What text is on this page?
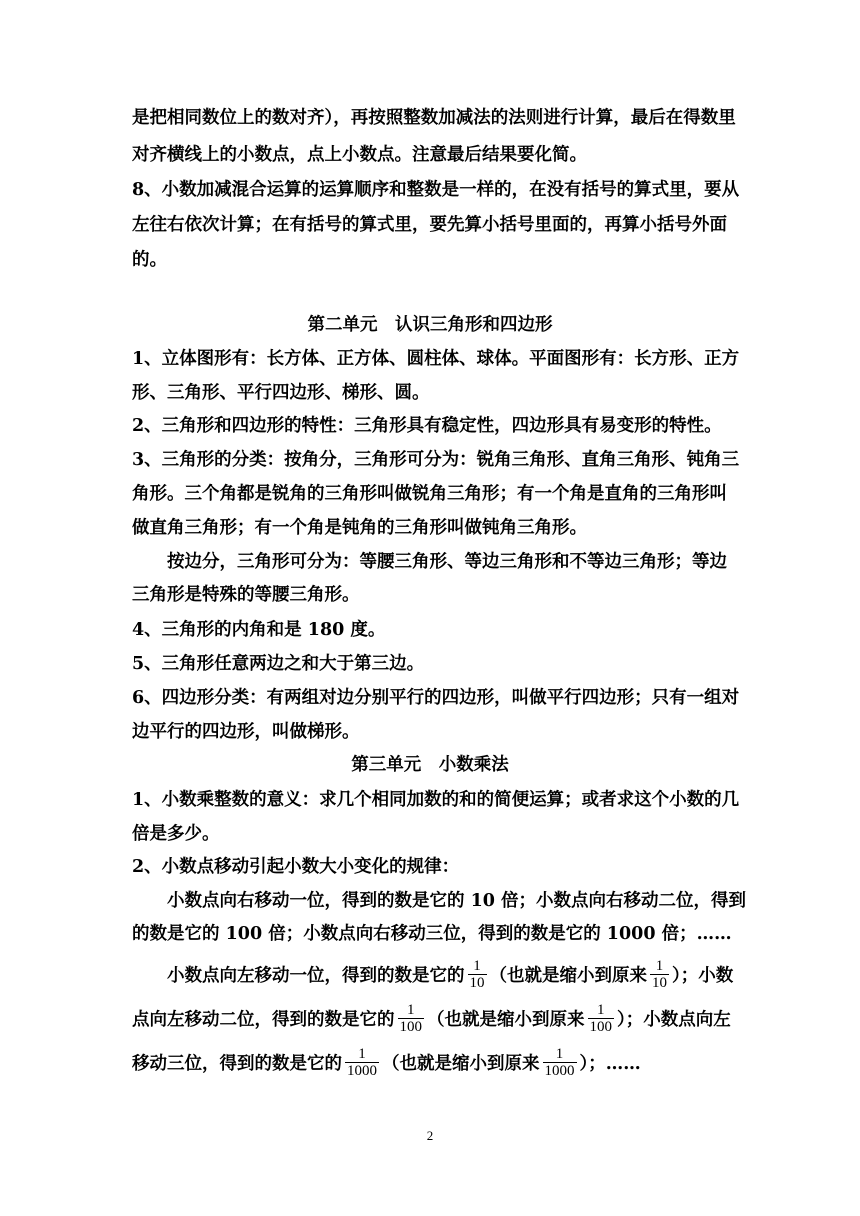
是把相同数位上的数对齐），再按照整数加减法的法则进行计算，最后在得数里
对齐横线上的小数点，点上小数点。注意最后结果要化简。
8、小数加减混合运算的运算顺序和整数是一样的，在没有括号的算式里，要从
左往右依次计算；在有括号的算式里，要先算小括号里面的，再算小括号外面
的。
第二单元　认识三角形和四边形
1、立体图形有：长方体、正方体、圆柱体、球体。平面图形有：长方形、正方
形、三角形、平行四边形、梯形、圆。
2、三角形和四边形的特性：三角形具有稳定性，四边形具有易变形的特性。
3、三角形的分类：按角分，三角形可分为：锐角三角形、直角三角形、钝角三
角形。三个角都是锐角的三角形叫做锐角三角形；有一个角是直角的三角形叫
做直角三角形；有一个角是钝角的三角形叫做钝角三角形。
按边分，三角形可分为：等腰三角形、等边三角形和不等边三角形；等边
三角形是特殊的等腰三角形。
4、三角形的内角和是 180 度。
5、三角形任意两边之和大于第三边。
6、四边形分类：有两组对边分别平行的四边形，叫做平行四边形；只有一组对
边平行的四边形，叫做梯形。
第三单元　小数乘法
1、小数乘整数的意义：求几个相同加数的和的简便运算；或者求这个小数的几
倍是多少。
2、小数点移动引起小数大小变化的规律：
小数点向右移动一位，得到的数是它的 10 倍；小数点向右移动二位，得到
的数是它的 100 倍；小数点向右移动三位，得到的数是它的 1000 倍；……
小数点向左移动一位，得到的数是它的 $\frac{1}{10}$ （也就是缩小到原来 $\frac{1}{10}$ ）；小数
点向左移动二位，得到的数是它的 $\frac{1}{100}$ （也就是缩小到原来 $\frac{1}{100}$ ）；小数点向左
移动三位，得到的数是它的 $\frac{1}{1000}$ （也就是缩小到原来 $\frac{1}{1000}$ ）；……
2
